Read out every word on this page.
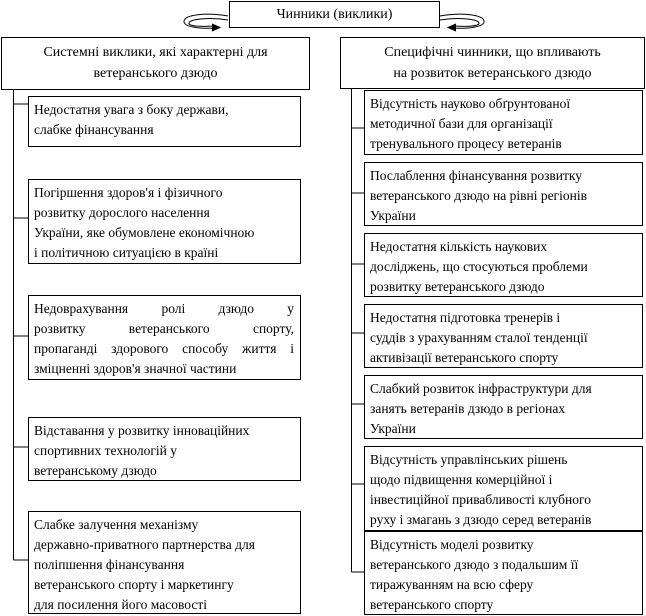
Чинники (виклики)
Системні виклики, які характерні для
ветеранського дзюдо
Специфічні чинники, що впливають
на розвиток ветеранського дзюдо
Недостатня увага з боку держави,
слабке фінансування
Погіршення здоров'я і фізичного
розвитку дорослого населення
України, яке обумовлене економічною
і політичною ситуацією в країні
Недоврахування ролі дзюдо у
розвитку ветеранського спорту,
пропаганді здорового способу життя і
зміцненні здоров'я значної частини
Відставання у розвитку інноваційних
спортивних технологій у
ветеранському дзюдо
Слабке залучення механізму
державно-приватного партнерства для
поліпшення фінансування
ветеранського спорту і маркетингу
для посилення його масовості
Відсутність науково обґрунтованої
методичної бази для організації
тренувального процесу ветеранів
Послаблення фінансування розвитку
ветеранського дзюдо на рівні регіонів
України
Недостатня кількість наукових
досліджень, що стосуються проблеми
розвитку ветеранського дзюдо
Недостатня підготовка тренерів і
суддів з урахуванням сталої тенденції
активізації ветеранського спорту
Слабкий розвиток інфраструктури для
занять ветеранів дзюдо в регіонах
України
Відсутність управлінських рішень
щодо підвищення комерційної і
інвестиційної привабливості клубного
руху і змагань з дзюдо серед ветеранів
Відсутність моделі розвитку
ветеранського дзюдо з подальшим її
тиражуванням на всю сферу
ветеранського спорту
